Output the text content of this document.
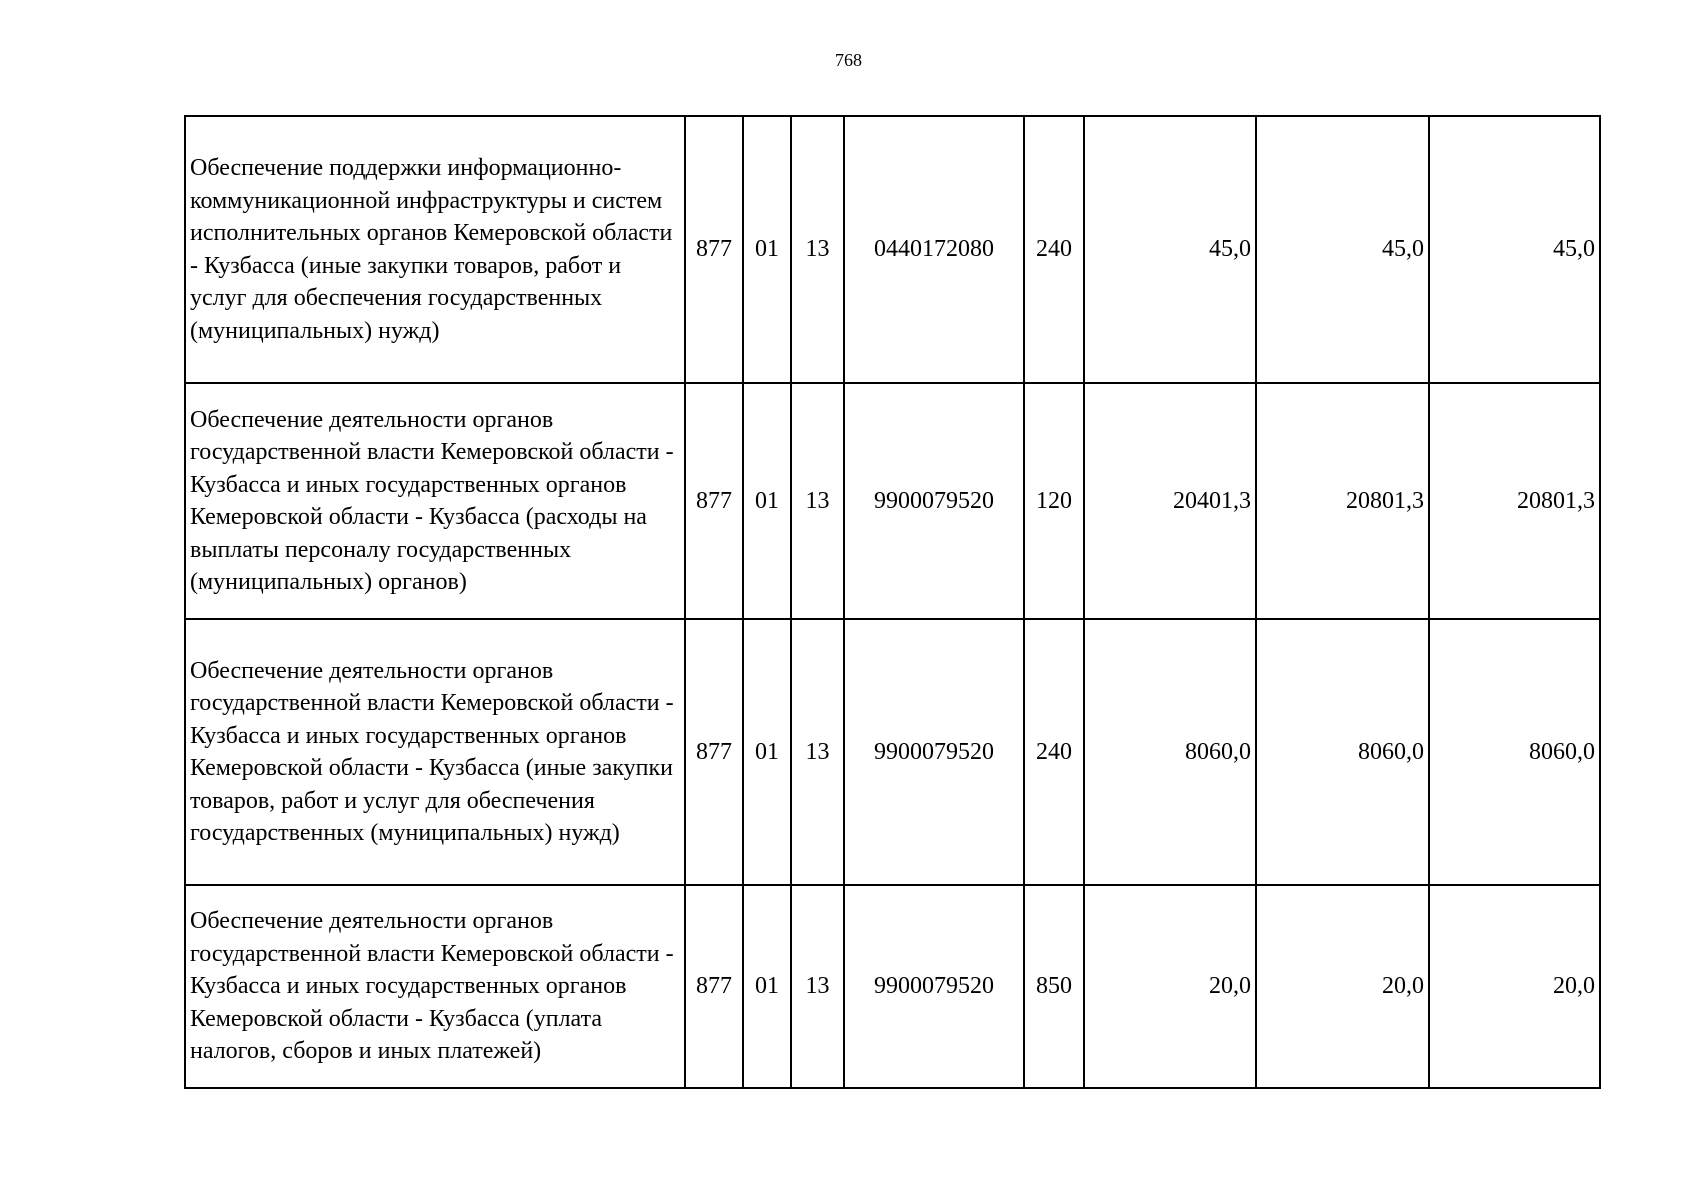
768
Обеспечение поддержки информационно-коммуникационной инфраструктуры и систем исполнительных органов Кемеровской области - Кузбасса (иные закупки товаров, работ и услуг для обеспечения государственных (муниципальных) нужд)	877	01	13	0440172080	240	45,0	45,0	45,0
Обеспечение деятельности органов государственной власти Кемеровской области - Кузбасса и иных государственных органов Кемеровской области - Кузбасса (расходы на выплаты персоналу государственных (муниципальных) органов)	877	01	13	9900079520	120	20401,3	20801,3	20801,3
Обеспечение деятельности органов государственной власти Кемеровской области - Кузбасса и иных государственных органов Кемеровской области - Кузбасса (иные закупки товаров, работ и услуг для обеспечения государственных (муниципальных) нужд)	877	01	13	9900079520	240	8060,0	8060,0	8060,0
Обеспечение деятельности органов государственной власти Кемеровской области - Кузбасса и иных государственных органов Кемеровской области - Кузбасса (уплата налогов, сборов и иных платежей)	877	01	13	9900079520	850	20,0	20,0	20,0
